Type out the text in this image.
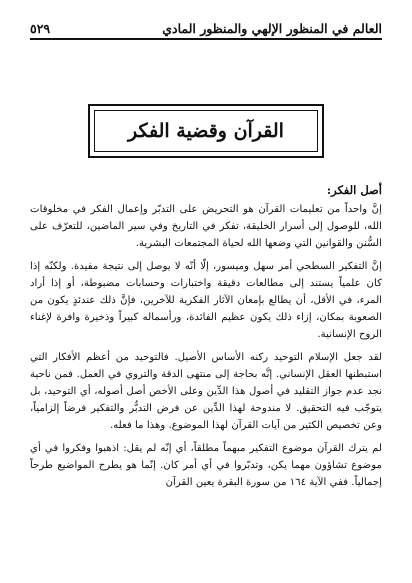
العالم في المنظور الإلهي والمنظور المادي
٥٢٩
القرآن وقضية الفكر
أصل الفكر:

إنَّ واحداً من تعليمات القرآن هو التحريض على التدبّر وإعمال الفكر في مخلوقات الله، للوصول إلى أسرار الخليقة، تفكر في التاريخ وفي سير الماضين، للتعرّف على السُّنن والقوانين التي وضعها الله لحياة المجتمعات البشرية.

إنَّ التفكير السطحي أمر سهل وميسور، إلّا أنّه لا يوصل إلى نتيجة مفيدة. ولكنّه إذا كان علمياً يستند إلى مطالعات دقيقة واختبارات وحسابات مضبوطة، أو إذا أراد المرء، في الأقل، أن يطالع بإمعان الآثار الفكرية للآخرين، فإنَّ ذلك عندئذٍ يكون من الصعوبة بمكان، إزاء ذلك يكون عظيم الفائدة، ورأسماله كبيراً وذخيرة وافرة لإغناء الروح الإنسانية.

لقد جعل الإسلام التوحيد ركنه الأساس الأصيل. فالتوحيد من أعظم الأفكار التي استبطنها العقل الإنساني. إنَّه بحاجة إلى منتهى الدقة والتروي في العمل. فمن ناحية نجد عدم جواز التقليد في أصول هذا الدِّين وعلى الأخص أصل أصوله، أي التوحيد، بل يتوجّب فيه التحقيق. لا مندوحة لهذا الدِّين عن فرض التدبُّر والتفكير فرضاً إلزامياً، وعن تخصيص الكثير من آيات القرآن لهذا الموضوع. وهذا ما فعله.

لم يترك القرآن موضوع التفكير مبهماً مطلقاً، أي إنّه لم يقل: اذهبوا وفكروا في أي موضوع تشاؤون مهما يكن، وتدبّروا في أي أمر كان. إنّما هو يطرح المواضيع طرحاً إجمالياً. ففي الآية ١٦٤ من سورة البقرة يعين القرآن
